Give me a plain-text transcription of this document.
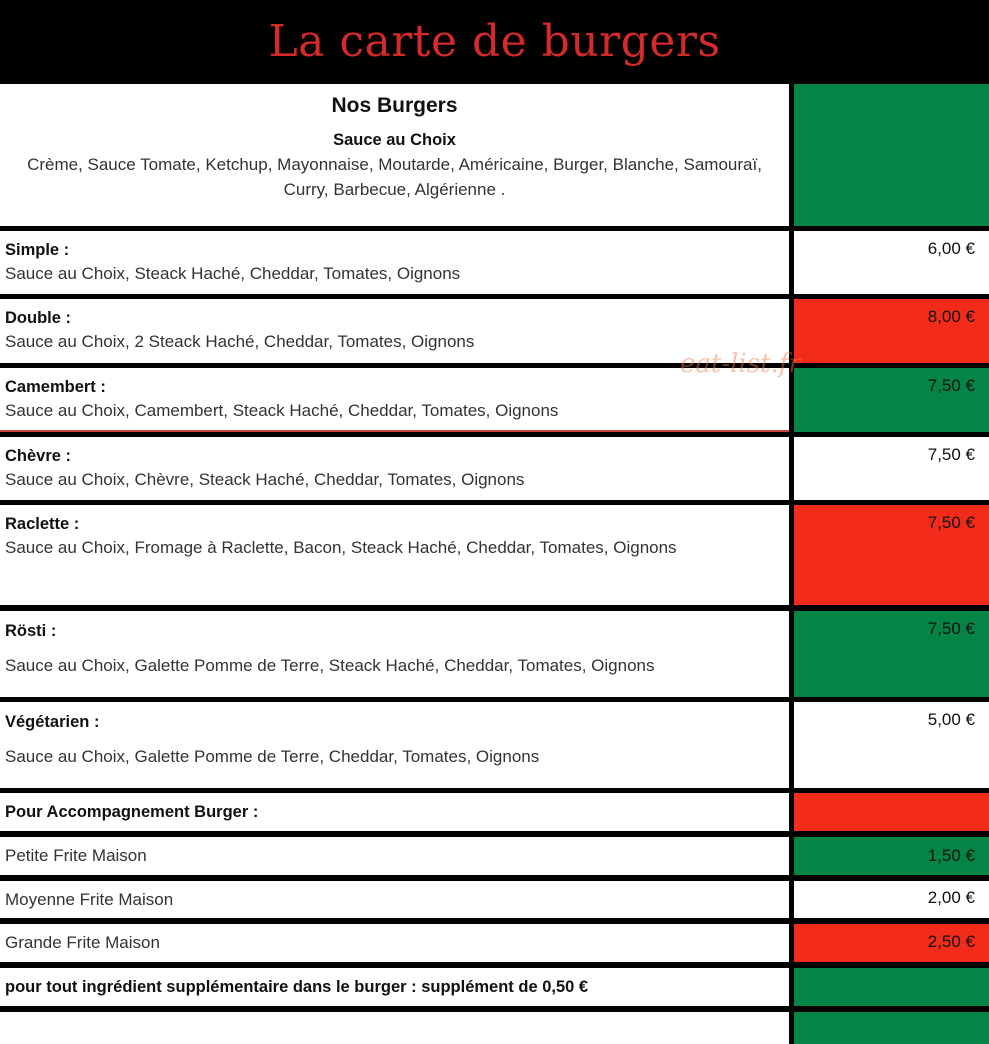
La carte de burgers
Nos Burgers
Sauce au Choix
Crème, Sauce Tomate, Ketchup, Mayonnaise, Moutarde, Américaine, Burger, Blanche, Samouraï, Curry, Barbecue, Algérienne .
Simple :
Sauce au Choix, Steack Haché, Cheddar, Tomates, Oignons
6,00 €
Double :
Sauce au Choix, 2 Steack Haché, Cheddar, Tomates, Oignons
8,00 €
Camembert :
Sauce au Choix, Camembert, Steack Haché, Cheddar, Tomates, Oignons
7,50 €
Chèvre :
Sauce au Choix, Chèvre, Steack Haché, Cheddar, Tomates, Oignons
7,50 €
Raclette :
Sauce au Choix, Fromage à Raclette, Bacon, Steack Haché, Cheddar, Tomates, Oignons
7,50 €
Rösti :
Sauce au Choix, Galette Pomme de Terre, Steack Haché, Cheddar, Tomates, Oignons
7,50 €
Végétarien :
Sauce au Choix, Galette Pomme de Terre, Cheddar, Tomates, Oignons
5,00 €
Pour Accompagnement Burger :
Petite Frite Maison	1,50 €
Moyenne Frite Maison	2,00 €
Grande Frite Maison	2,50 €
pour tout ingrédient supplémentaire dans le burger : supplément de 0,50 €
eat-list.fr
